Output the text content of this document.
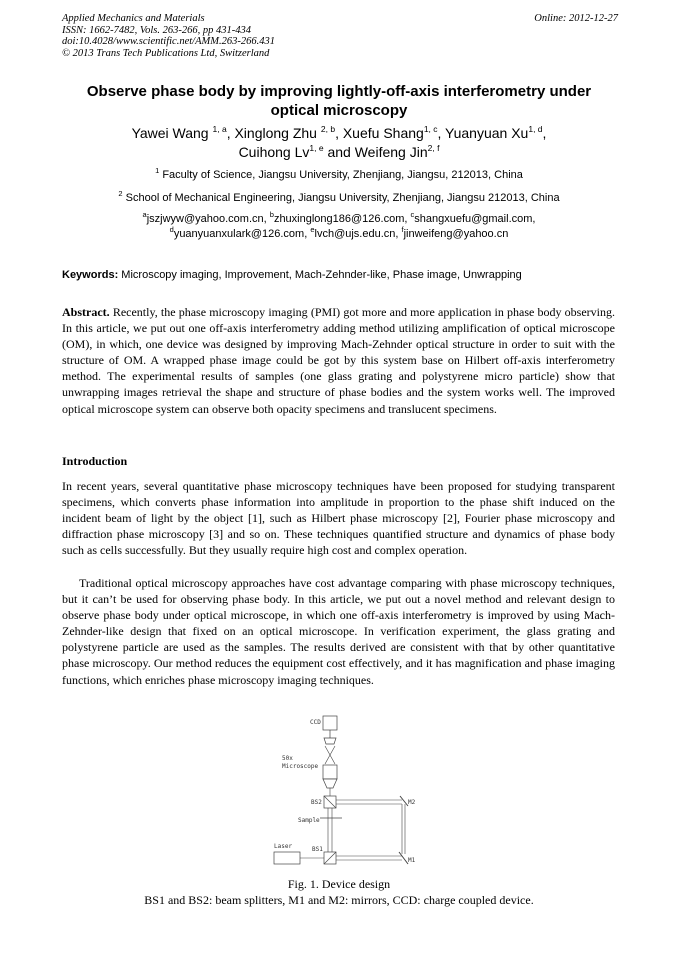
Applied Mechanics and Materials
ISSN: 1662-7482, Vols. 263-266, pp 431-434
doi:10.4028/www.scientific.net/AMM.263-266.431
© 2013 Trans Tech Publications Ltd, Switzerland
Online: 2012-12-27
Observe phase body by improving lightly-off-axis interferometry under
optical microscopy
Yawei Wang $^{1, a}$, Xinglong Zhu $^{2, b}$, Xuefu Shang$^{1, c}$, Yuanyuan Xu$^{1, d}$,
Cuihong Lv$^{1, e}$ and Weifeng Jin$^{2, f}$
$^1$ Faculty of Science, Jiangsu University, Zhenjiang, Jiangsu, 212013, China
$^2$ School of Mechanical Engineering, Jiangsu University, Zhenjiang, Jiangsu 212013, China
$^a$jszjwyw@yahoo.com.cn, $^b$zhuxinglong186@126.com, $^c$shangxuefu@gmail.com,
$^d$yuanyuanxulark@126.com, $^e$lvch@ujs.edu.cn, $^f$jinweifeng@yahoo.cn
Keywords: Microscopy imaging, Improvement, Mach-Zehnder-like, Phase image, Unwrapping
Abstract. Recently, the phase microscopy imaging (PMI) got more and more application in phase body observing. In this article, we put out one off-axis interferometry adding method utilizing amplification of optical microscope (OM), in which, one device was designed by improving Mach-Zehnder optical structure in order to suit with the structure of OM. A wrapped phase image could be got by this system base on Hilbert off-axis interferometry method. The experimental results of samples (one glass grating and polystyrene micro particle) show that unwrapping images retrieval the shape and structure of phase bodies and the system works well. The improved optical microscope system can observe both opacity specimens and translucent specimens.
Introduction
In recent years, several quantitative phase microscopy techniques have been proposed for studying transparent specimens, which converts phase information into amplitude in proportion to the phase shift induced on the incident beam of light by the object [1], such as Hilbert phase microscopy [2], Fourier phase microscopy and diffraction phase microscopy [3] and so on. These techniques quantified structure and dynamics of phase body such as cells successfully. But they usually require high cost and complex operation.
Traditional optical microscopy approaches have cost advantage comparing with phase microscopy techniques, but it can’t be used for observing phase body. In this article, we put out a novel method and relevant design to observe phase body under optical microscope, in which one off-axis interferometry is improved by using Mach-Zehnder-like design that fixed on an optical microscope. In verification experiment, the glass grating and polystyrene particle are used as the samples. The results derived are consistent with that by other quantitative phase microscopy. Our method reduces the equipment cost effectively, and it has magnification and phase imaging functions, which enriches phase microscopy imaging techniques.
CCD
50x
Microscope
BS2	M2
Sample
Laser	BS1
M1
Fig. 1. Device design
BS1 and BS2: beam splitters, M1 and M2: mirrors, CCD: charge coupled device.
